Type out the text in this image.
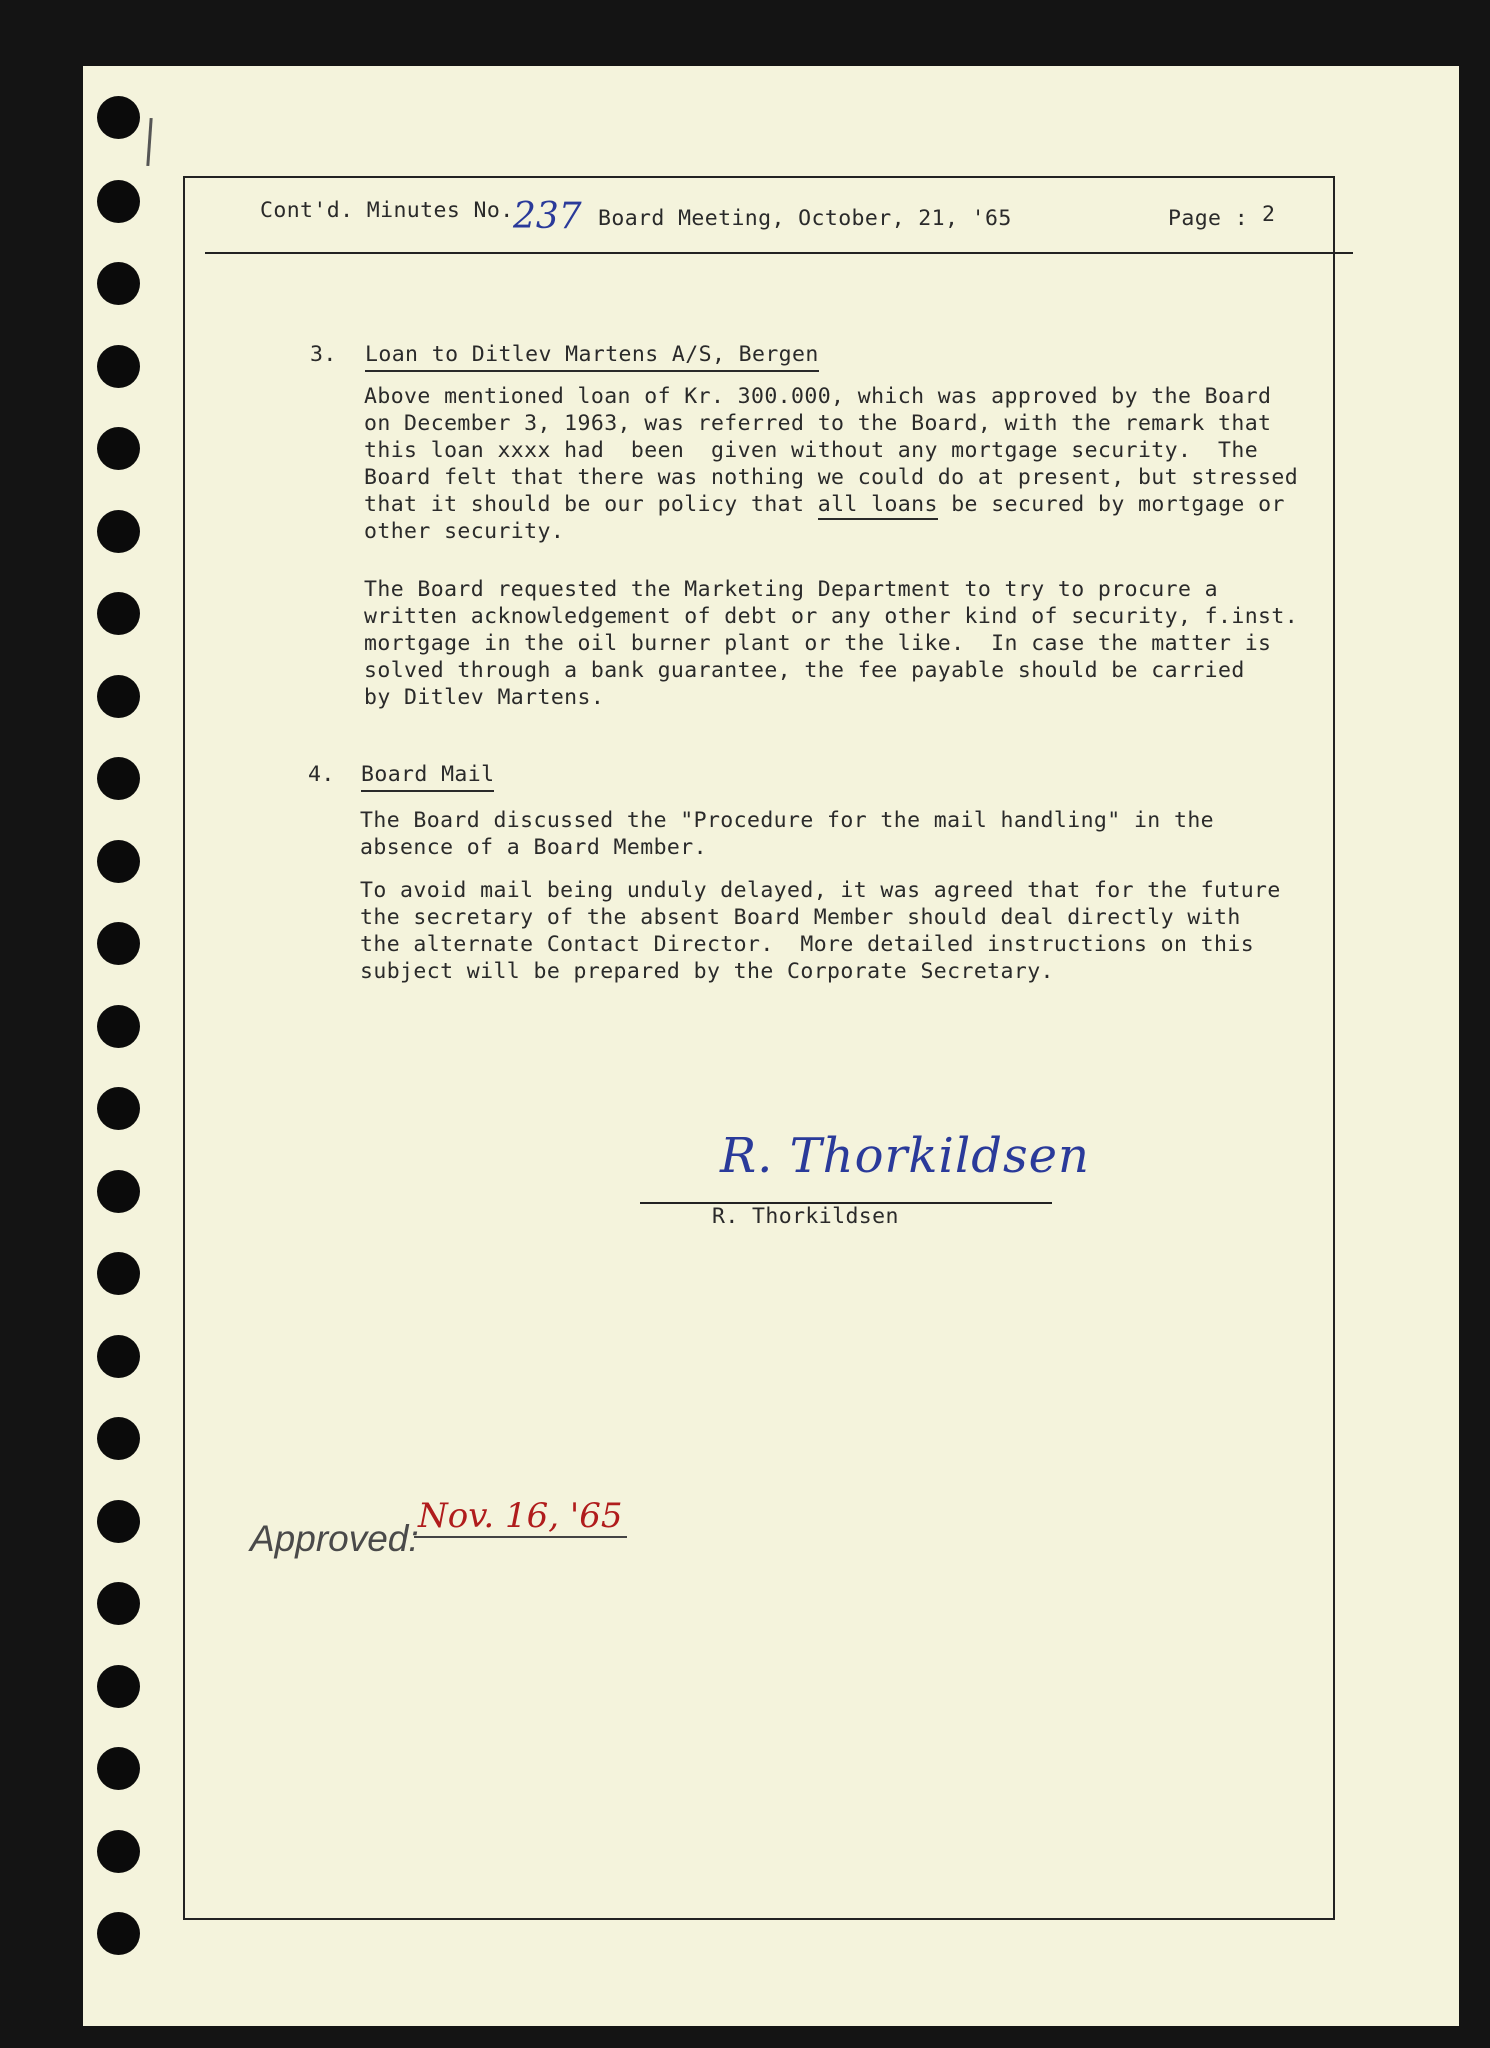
Cont'd. Minutes No. 237 Board Meeting, October, 21, '65	Page : 2
3. Loan to Ditlev Martens A/S, Bergen
Above mentioned loan of Kr. 300.000, which was approved by the Board
on December 3, 1963, was referred to the Board, with the remark that
this loan xxxx had  been  given without any mortgage security.  The
Board felt that there was nothing we could do at present, but stressed
that it should be our policy that all loans be secured by mortgage or
other security.
The Board requested the Marketing Department to try to procure a
written acknowledgement of debt or any other kind of security, f.inst.
mortgage in the oil burner plant or the like.  In case the matter is
solved through a bank guarantee, the fee payable should be carried
by Ditlev Martens.
4. Board Mail
The Board discussed the "Procedure for the mail handling" in the
absence of a Board Member.
To avoid mail being unduly delayed, it was agreed that for the future
the secretary of the absent Board Member should deal directly with
the alternate Contact Director.  More detailed instructions on this
subject will be prepared by the Corporate Secretary.
R. Thorkildsen
R. Thorkildsen
Approved:
Nov. 16, '65
